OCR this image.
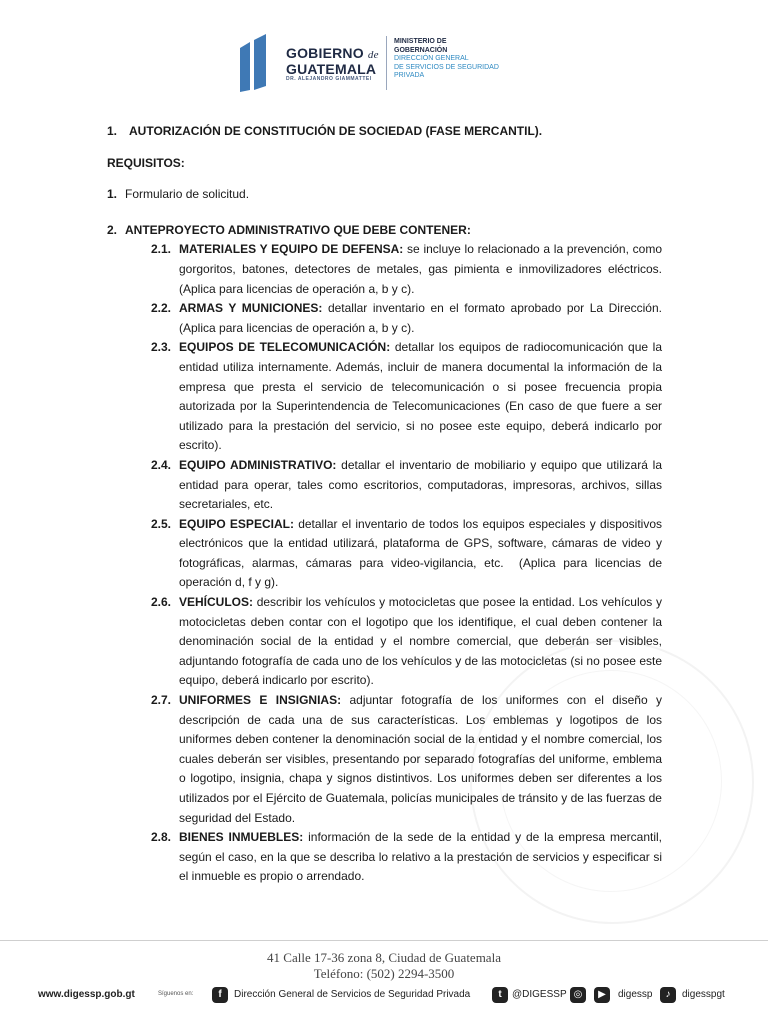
GOBIERNO de
GUATEMALA
DR. ALEJANDRO GIAMMATTEI
MINISTERIO DE
GOBERNACIÓN
DIRECCIÓN GENERAL
DE SERVICIOS DE SEGURIDAD
PRIVADA
1. AUTORIZACIÓN DE CONSTITUCIÓN DE SOCIEDAD (FASE MERCANTIL).
REQUISITOS:
1. Formulario de solicitud.
2. ANTEPROYECTO ADMINISTRATIVO QUE DEBE CONTENER:
2.1. MATERIALES Y EQUIPO DE DEFENSA: se incluye lo relacionado a la prevención, como gorgoritos, batones, detectores de metales, gas pimienta e inmovilizadores eléctricos. (Aplica para licencias de operación a, b y c).
2.2. ARMAS Y MUNICIONES: detallar inventario en el formato aprobado por La Dirección. (Aplica para licencias de operación a, b y c).
2.3. EQUIPOS DE TELECOMUNICACIÓN: detallar los equipos de radiocomunicación que la entidad utiliza internamente. Además, incluir de manera documental la información de la empresa que presta el servicio de telecomunicación o si posee frecuencia propia autorizada por la Superintendencia de Telecomunicaciones (En caso de que fuere a ser utilizado para la prestación del servicio, si no posee este equipo, deberá indicarlo por escrito).
2.4. EQUIPO ADMINISTRATIVO: detallar el inventario de mobiliario y equipo que utilizará la entidad para operar, tales como escritorios, computadoras, impresoras, archivos, sillas secretariales, etc.
2.5. EQUIPO ESPECIAL: detallar el inventario de todos los equipos especiales y dispositivos electrónicos que la entidad utilizará, plataforma de GPS, software, cámaras de video y fotográficas, alarmas, cámaras para video-vigilancia, etc.  (Aplica para licencias de operación d, f y g).
2.6. VEHÍCULOS: describir los vehículos y motocicletas que posee la entidad. Los vehículos y motocicletas deben contar con el logotipo que los identifique, el cual deben contener la denominación social de la entidad y el nombre comercial, que deberán ser visibles, adjuntando fotografía de cada uno de los vehículos y de las motocicletas (si no posee este equipo, deberá indicarlo por escrito).
2.7. UNIFORMES E INSIGNIAS: adjuntar fotografía de los uniformes con el diseño y descripción de cada una de sus características. Los emblemas y logotipos de los uniformes deben contener la denominación social de la entidad y el nombre comercial, los cuales deberán ser visibles, presentando por separado fotografías del uniforme, emblema o logotipo, insignia, chapa y signos distintivos. Los uniformes deben ser diferentes a los utilizados por el Ejército de Guatemala, policías municipales de tránsito y de las fuerzas de seguridad del Estado.
2.8. BIENES INMUEBLES: información de la sede de la entidad y de la empresa mercantil, según el caso, en la que se describa lo relativo a la prestación de servicios y especificar si el inmueble es propio o arrendado.
41 Calle 17-36 zona 8, Ciudad de Guatemala
Teléfono: (502) 2294-3500
www.digessp.gob.gt	Síguenos en:	f	Dirección General de Servicios de Seguridad Privada	t	@DIGESSP ◎	▶	digessp	♪	digesspgt
